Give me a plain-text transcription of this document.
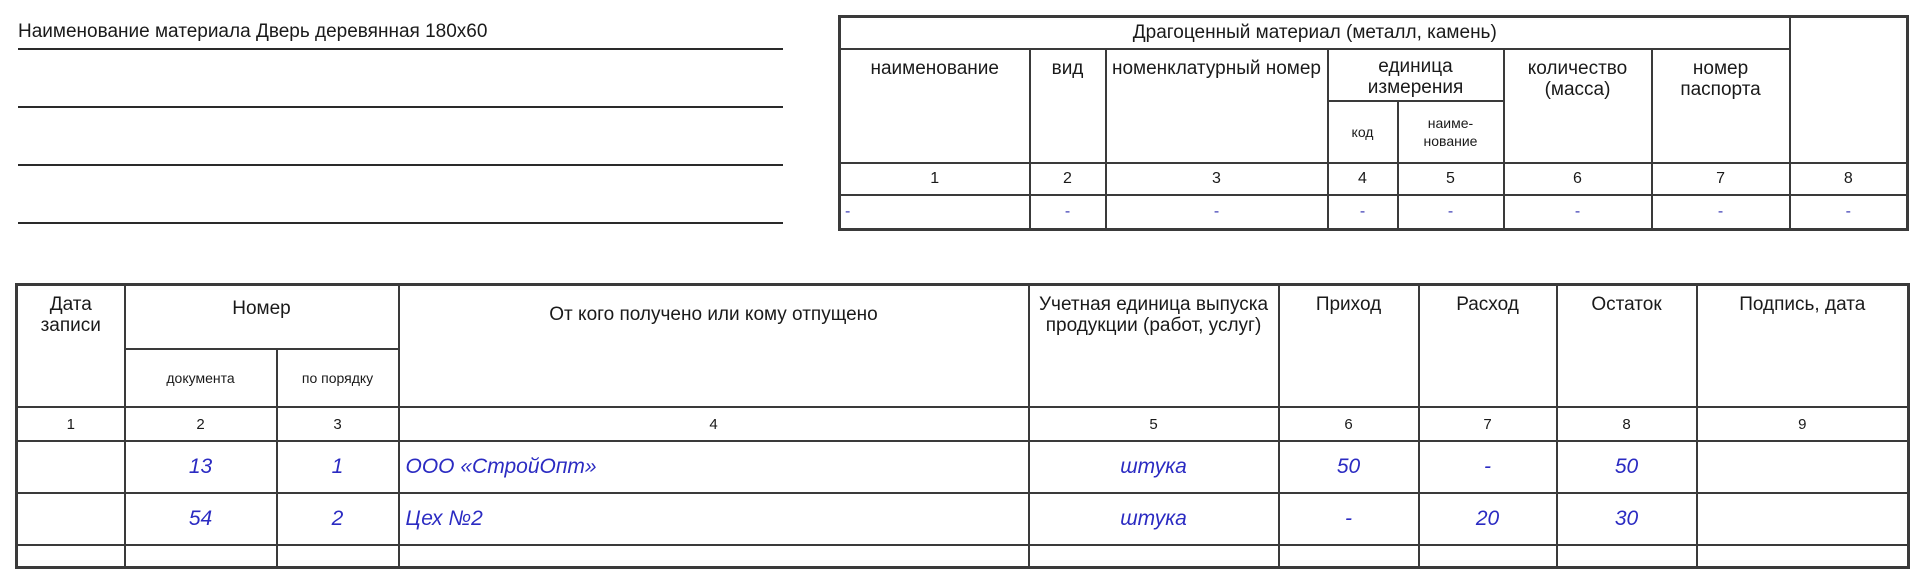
Наименование материала Дверь деревянная 180х60	Драгоценный материал (металл, камень)							
наименование	вид	номенклатурный номер	единица измерения		количество (масса)	номер паспорта	
			код	наиме-
нование			
1	2	3	4	5	6	7	8
-	-	-	-	-	-	-	-
Дата записи	Номер		От кого получено или кому отпущено	Учетная единица выпуска продукции (работ, услуг)	Приход	Расход	Остаток	Подпись, дата
	документа	по порядку						
1	2	3	4	5	6	7	8	9
	13	1	ООО «СтройОпт»	штука	50	-	50	
	54	2	Цех №2	штука	-	20	30	
